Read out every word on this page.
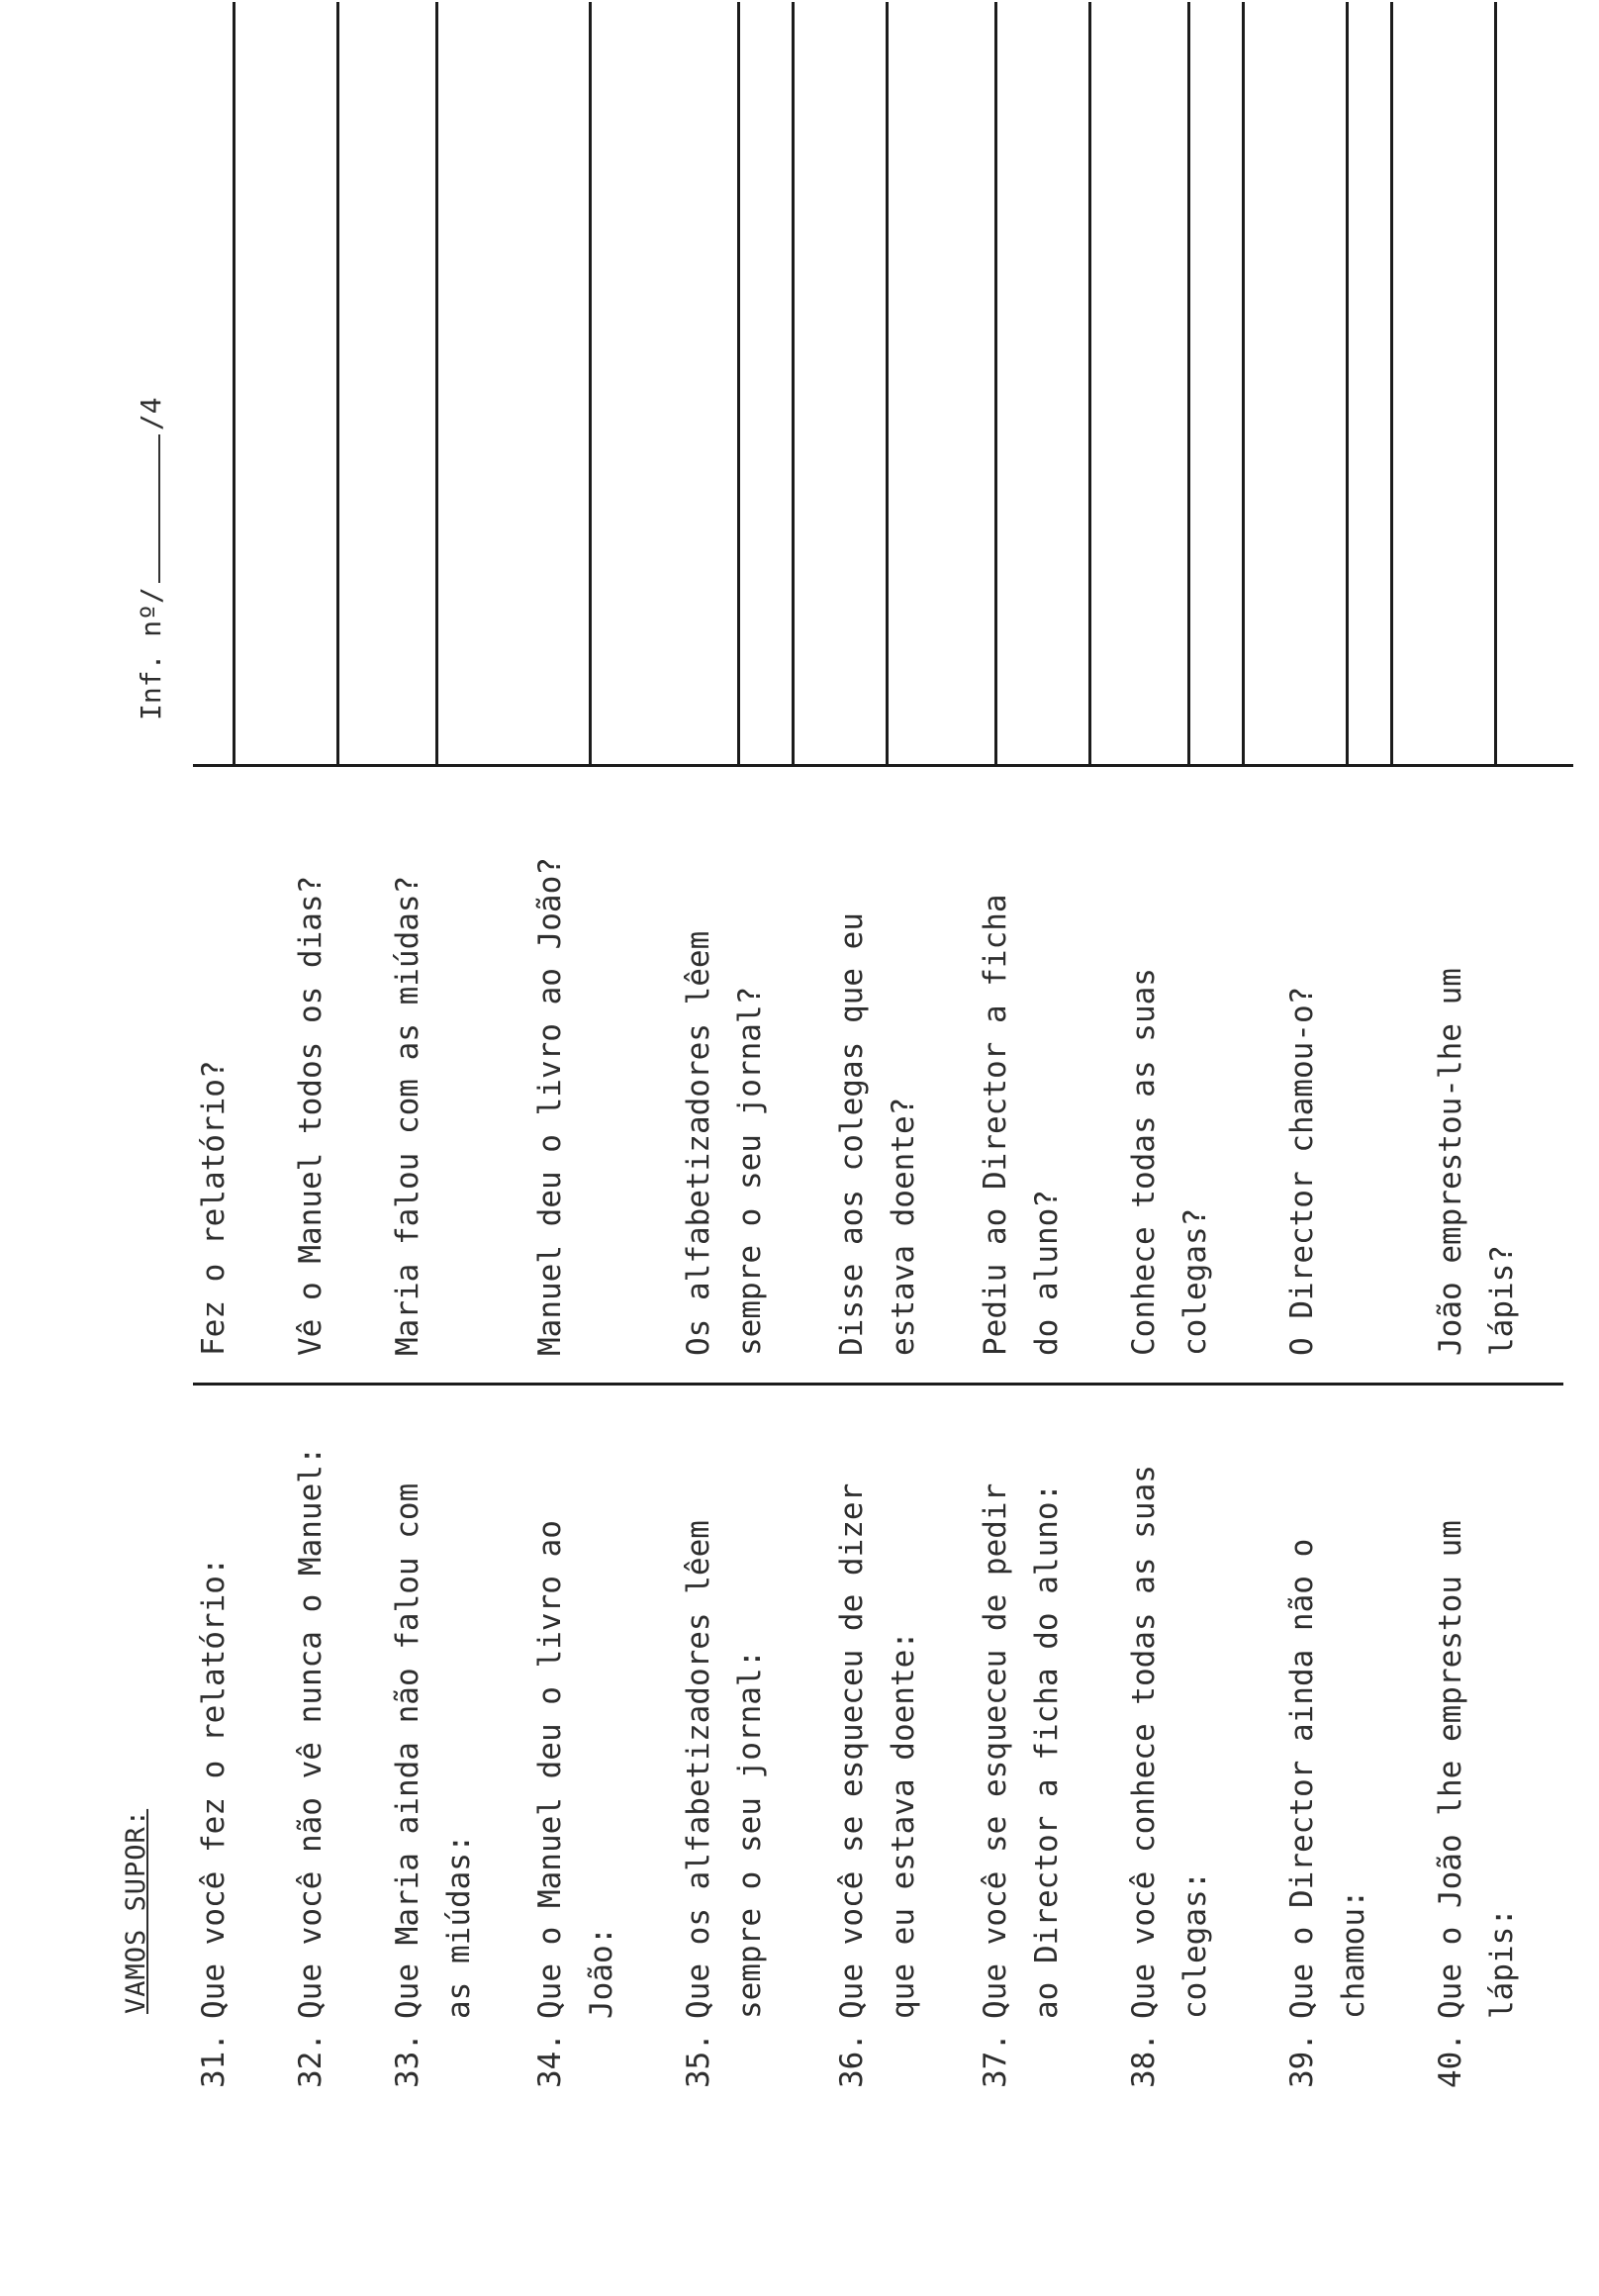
VAMOS SUPOR:
Inf. nº//4
31.Que você fez o relatório:
Fez o relatório?
32.Que você não vê nunca o Manuel:
Vê o Manuel todos os dias?
33.Que Maria ainda não falou com as miúdas:
Maria falou com as miúdas?
34.Que o Manuel deu o livro ao João:
Manuel deu o livro ao João?
35.Que os alfabetizadores lêem sempre o seu jornal:
Os alfabetizadores lêem sempre o seu jornal?
36.Que você se esqueceu de dizer que eu estava doente:
Disse aos colegas que eu estava doente?
37.Que você se esqueceu de pedir ao Director a ficha do aluno:
Pediu ao Director a ficha do aluno?
38.Que você conhece todas as suas colegas:
Conhece todas as suas colegas?
39.Que o Director ainda não o chamou:
O Director chamou-o?
40.Que o João lhe emprestou um lápis:
João emprestou-lhe um lápis?
